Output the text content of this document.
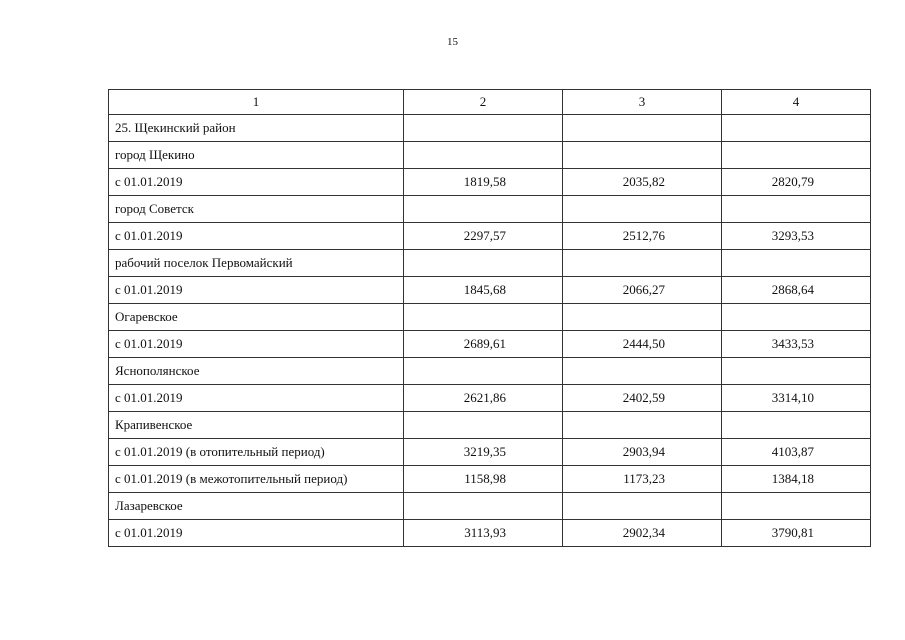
15
1	2	3	4
25. Щекинский район			
город Щекино			
с 01.01.2019	1819,58	2035,82	2820,79
город Советск			
с 01.01.2019	2297,57	2512,76	3293,53
рабочий поселок Первомайский			
с 01.01.2019	1845,68	2066,27	2868,64
Огаревское			
с 01.01.2019	2689,61	2444,50	3433,53
Яснополянское			
с 01.01.2019	2621,86	2402,59	3314,10
Крапивенское			
с 01.01.2019 (в отопительный период)	3219,35	2903,94	4103,87
с 01.01.2019 (в межотопительный период)	1158,98	1173,23	1384,18
Лазаревское			
с 01.01.2019	3113,93	2902,34	3790,81
